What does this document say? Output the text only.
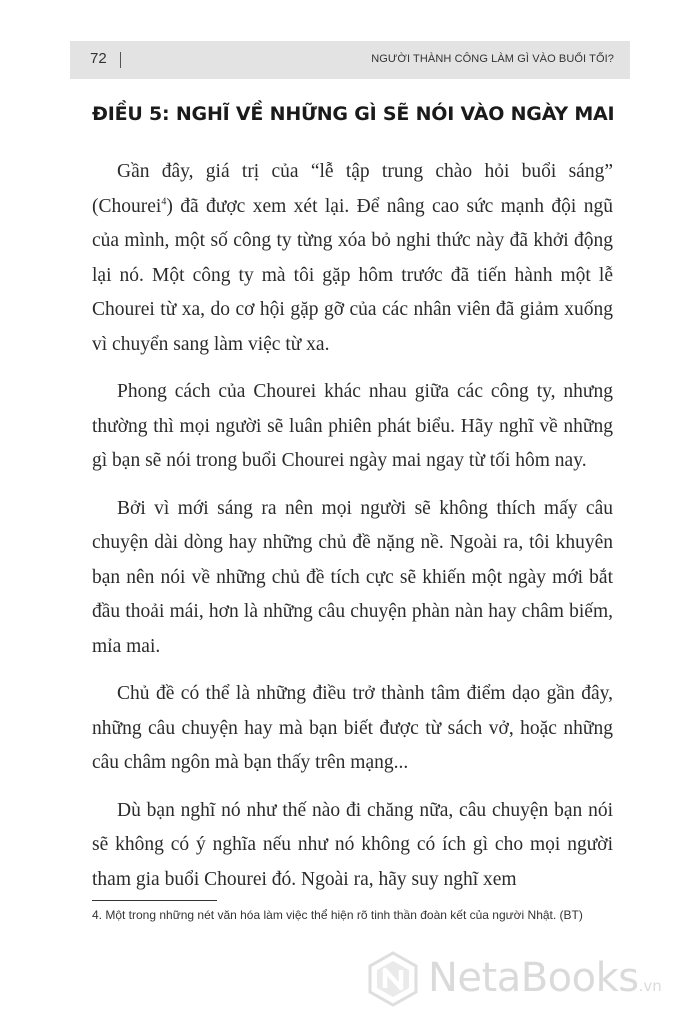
72	NGƯỜI THÀNH CÔNG LÀM GÌ VÀO BUỔI TỐI?
ĐIỀU 5: NGHĨ VỀ NHỮNG GÌ SẼ NÓI VÀO NGÀY MAI

Gần đây, giá trị của “lễ tập trung chào hỏi buổi sáng” (Chourei$^4$) đã được xem xét lại. Để nâng cao sức mạnh đội ngũ của mình, một số công ty từng xóa bỏ nghi thức này đã khởi động lại nó. Một công ty mà tôi gặp hôm trước đã tiến hành một lễ Chourei từ xa, do cơ hội gặp gỡ của các nhân viên đã giảm xuống vì chuyển sang làm việc từ xa.

Phong cách của Chourei khác nhau giữa các công ty, nhưng thường thì mọi người sẽ luân phiên phát biểu. Hãy nghĩ về những gì bạn sẽ nói trong buổi Chourei ngày mai ngay từ tối hôm nay.

Bởi vì mới sáng ra nên mọi người sẽ không thích mấy câu chuyện dài dòng hay những chủ đề nặng nề. Ngoài ra, tôi khuyên bạn nên nói về những chủ đề tích cực sẽ khiến một ngày mới bắt đầu thoải mái, hơn là những câu chuyện phàn nàn hay châm biếm, mỉa mai.

Chủ đề có thể là những điều trở thành tâm điểm dạo gần đây, những câu chuyện hay mà bạn biết được từ sách vở, hoặc những câu châm ngôn mà bạn thấy trên mạng...

Dù bạn nghĩ nó như thế nào đi chăng nữa, câu chuyện bạn nói sẽ không có ý nghĩa nếu như nó không có ích gì cho mọi người tham gia buổi Chourei đó. Ngoài ra, hãy suy nghĩ xem

4. Một trong những nét văn hóa làm việc thể hiện rõ tinh thần đoàn kết của người Nhật. (BT)
NetaBooks.vn
